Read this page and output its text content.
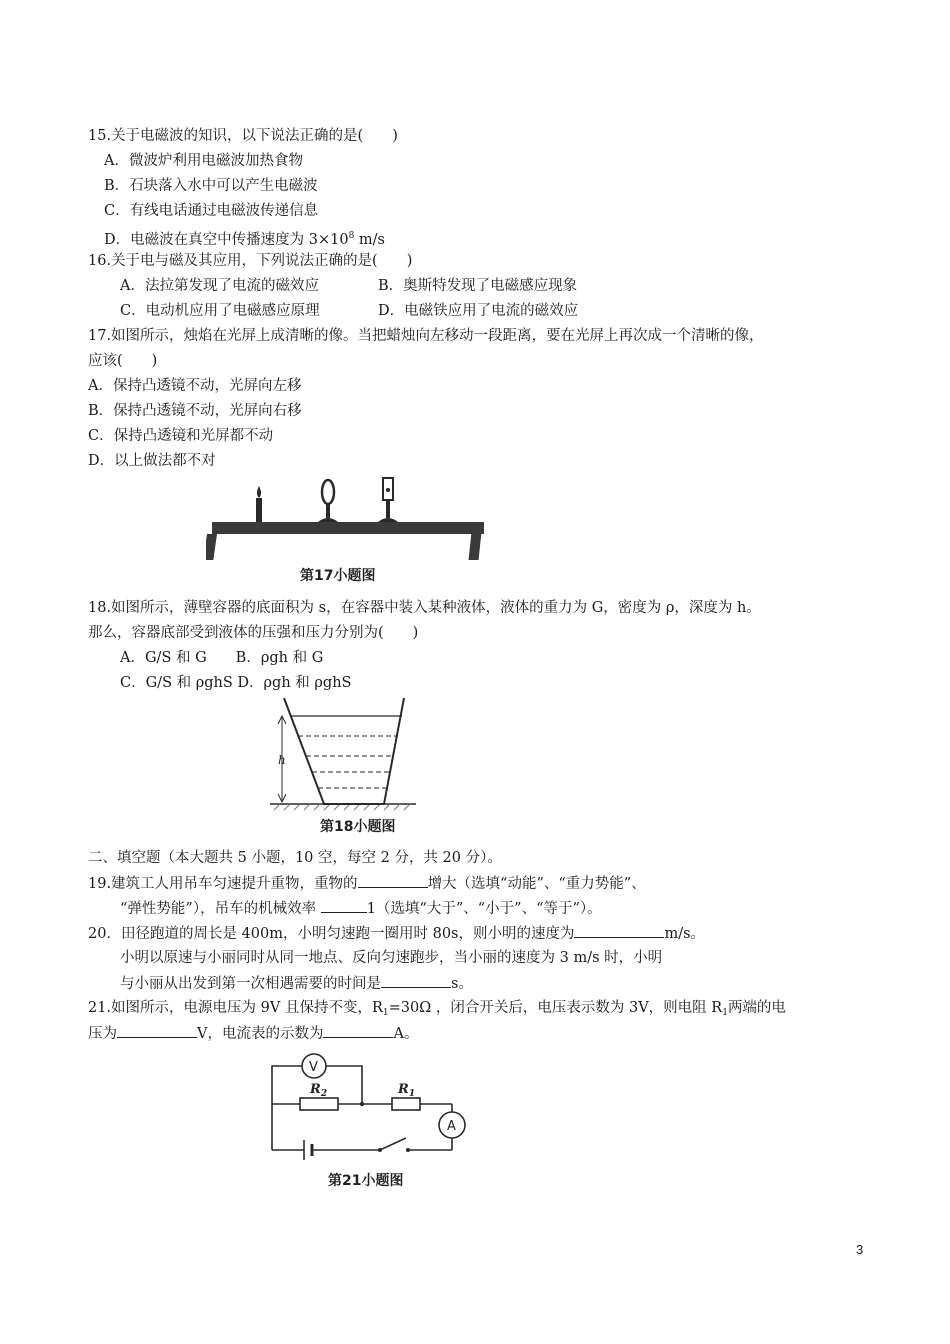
15.关于电磁波的知识，以下说法正确的是(　　)
A．微波炉利用电磁波加热食物
B．石块落入水中可以产生电磁波
C．有线电话通过电磁波传递信息
D．电磁波在真空中传播速度为 $3\times 10^8$ m/s
16.关于电与磁及其应用，下列说法正确的是(　　)
A．法拉第发现了电流的磁效应	B．奥斯特发现了电磁感应现象
C．电动机应用了电磁感应原理	D．电磁铁应用了电流的磁效应
17.如图所示，烛焰在光屏上成清晰的像。当把蜡烛向左移动一段距离，要在光屏上再次成一个清晰的像，
应该(　　)
A．保持凸透镜不动，光屏向左移
B．保持凸透镜不动，光屏向右移
C．保持凸透镜和光屏都不动
D．以上做法都不对
第17小题图
18.如图所示，薄壁容器的底面积为 s，在容器中装入某种液体，液体的重力为 G，密度为 ρ，深度为 h。
那么，容器底部受到液体的压强和压力分别为(　　)
A．G/S 和 G　　B．ρgh 和 G
C．G/S 和 ρghS D．ρgh 和 ρghS
h
第18小题图
二、填空题（本大题共 5 小题，10 空，每空 2 分，共 20 分）。
19.建筑工人用吊车匀速提升重物，重物的	增大（选填“动能”、“重力势能”、
“弹性势能”），吊车的机械效率	1（选填“大于”、“小于”、“等于”）。
20．田径跑道的周长是 400m，小明匀速跑一圈用时 80s，则小明的速度为	m/s。
小明以原速与小丽同时从同一地点、反向匀速跑步，当小丽的速度为 3 m/s 时，小明
与小丽从出发到第一次相遇需要的时间是	s。
21.如图所示，电源电压为 9V 且保持不变，$R_1=30\Omega$ ，闭合开关后，电压表示数为 3V，则电阻 $R_1$两端的电
压为	V，电流表的示数为	A。
V
$R_2$	$R_1$
A
第21小题图
3
